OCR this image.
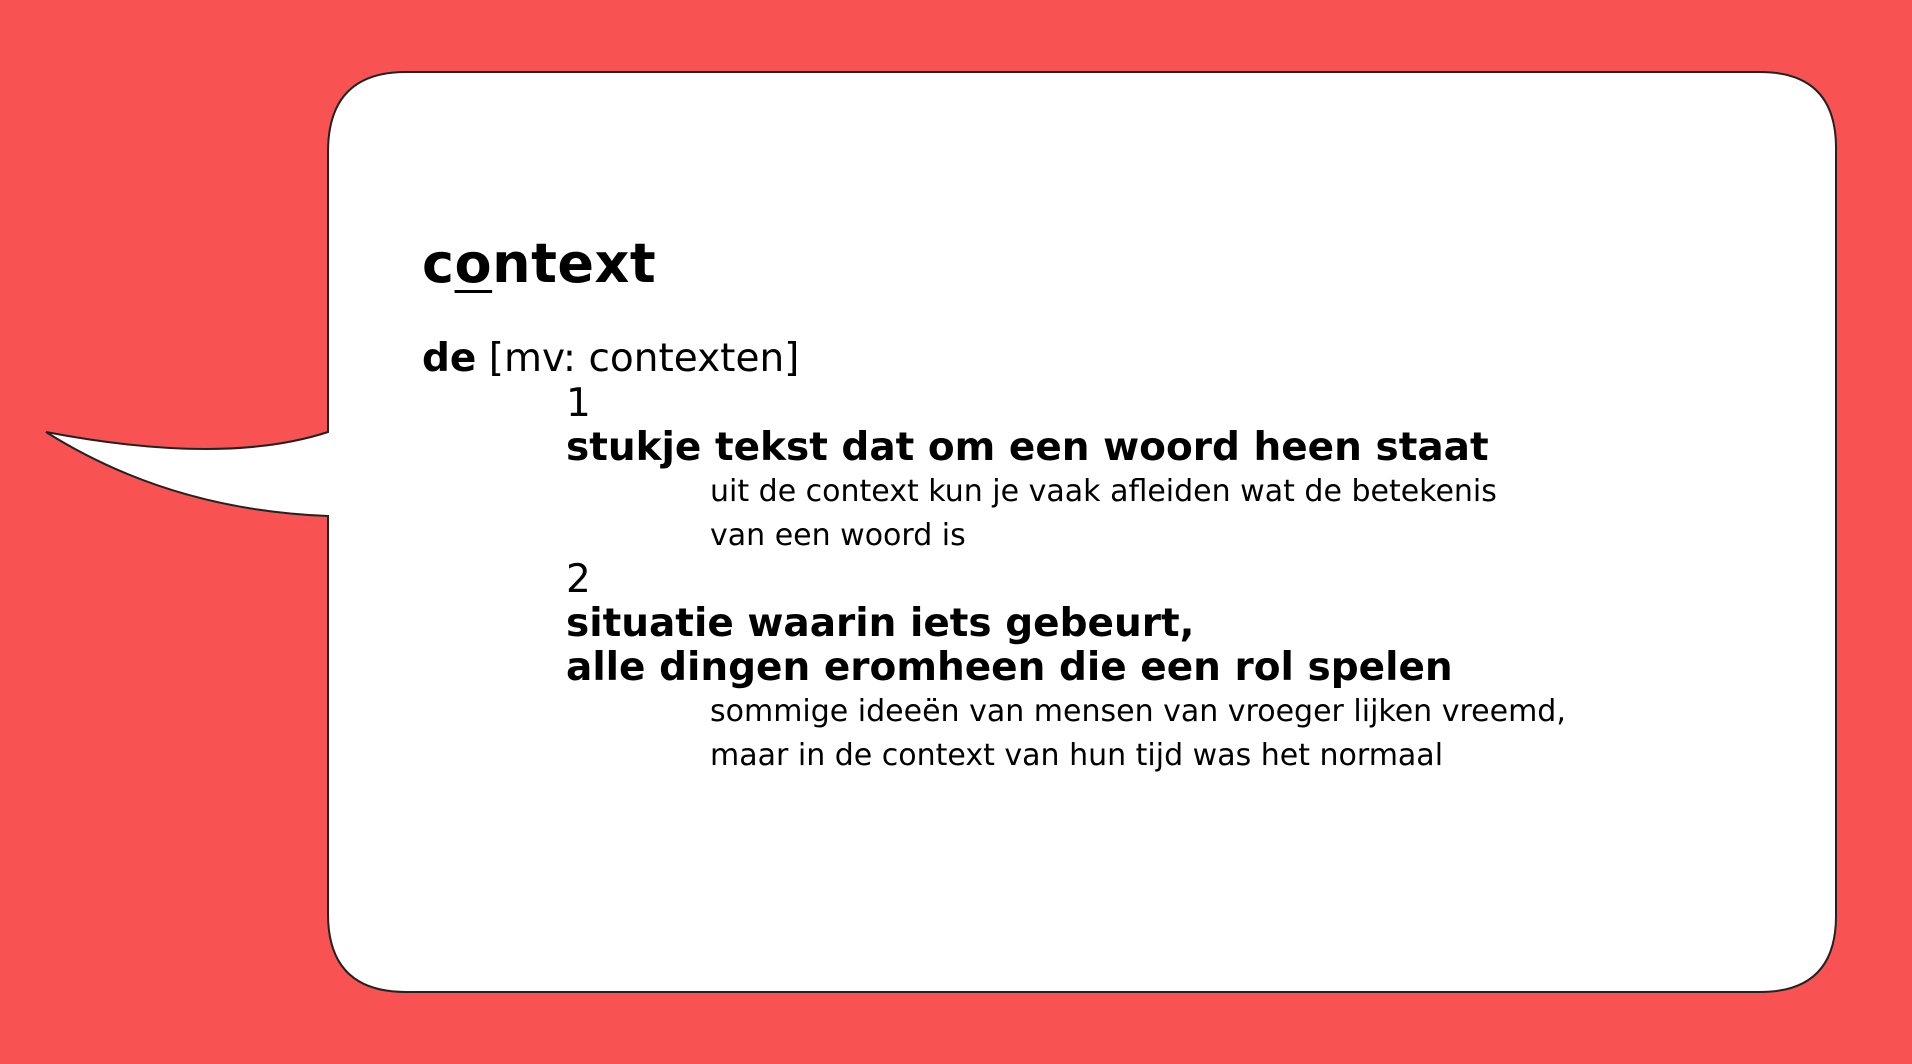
context
de [mv: contexten]
1
stukje tekst dat om een woord heen staat
uit de context kun je vaak afleiden wat de betekenis
van een woord is
2
situatie waarin iets gebeurt,
alle dingen eromheen die een rol spelen
sommige ideeën van mensen van vroeger lijken vreemd,
maar in de context van hun tijd was het normaal
